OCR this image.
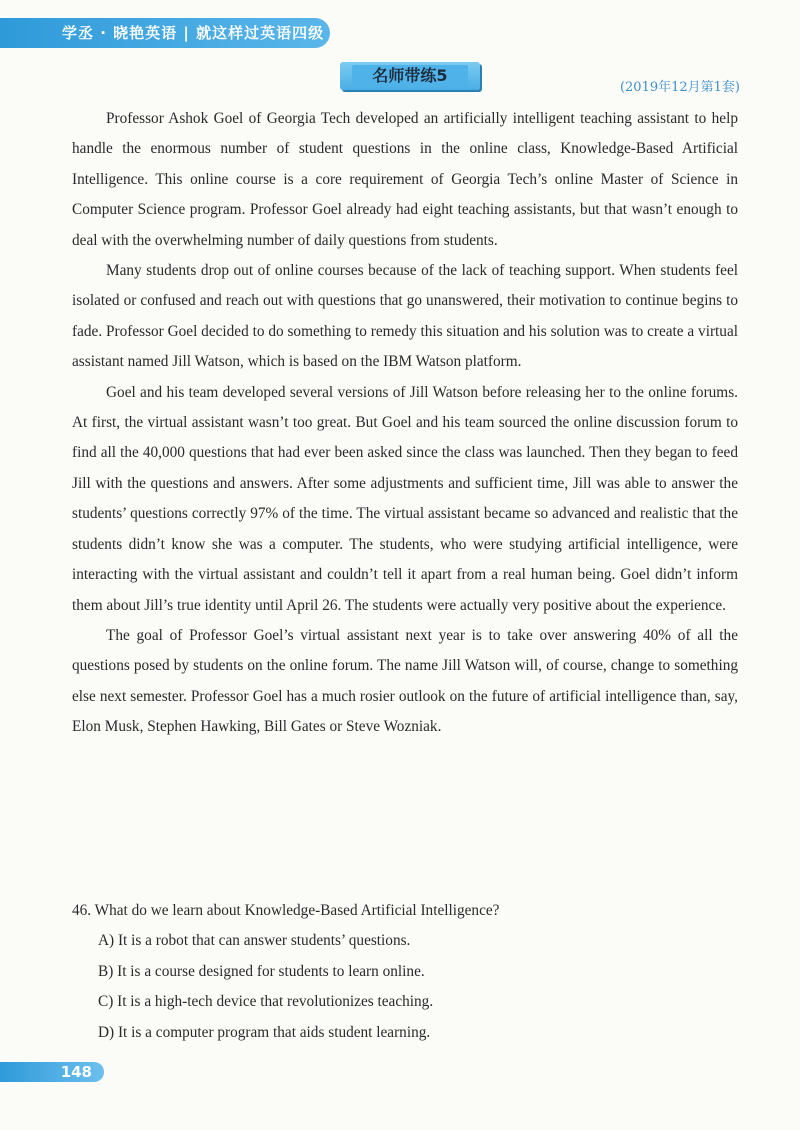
学丞 · 晓艳英语 | 就这样过英语四级
名师带练5
(2019年12月第1套)

Professor Ashok Goel of Georgia Tech developed an artificially intelligent teaching assistant to help handle the enormous number of student questions in the online class, Knowledge-Based Artificial Intelligence. This online course is a core requirement of Georgia Tech’s online Master of Science in Computer Science program. Professor Goel already had eight teaching assistants, but that wasn’t enough to deal with the overwhelming number of daily questions from students.

Many students drop out of online courses because of the lack of teaching support. When students feel isolated or confused and reach out with questions that go unanswered, their motivation to continue begins to fade. Professor Goel decided to do something to remedy this situation and his solution was to create a virtual assistant named Jill Watson, which is based on the IBM Watson platform.

Goel and his team developed several versions of Jill Watson before releasing her to the online forums. At first, the virtual assistant wasn’t too great. But Goel and his team sourced the online discussion forum to find all the 40,000 questions that had ever been asked since the class was launched. Then they began to feed Jill with the questions and answers. After some adjustments and sufficient time, Jill was able to answer the students’ questions correctly 97% of the time. The virtual assistant became so advanced and realistic that the students didn’t know she was a computer. The students, who were studying artificial intelligence, were interacting with the virtual assistant and couldn’t tell it apart from a real human being. Goel didn’t inform them about Jill’s true identity until April 26. The students were actually very positive about the experience.

The goal of Professor Goel’s virtual assistant next year is to take over answering 40% of all the questions posed by students on the online forum. The name Jill Watson will, of course, change to something else next semester. Professor Goel has a much rosier outlook on the future of artificial intelligence than, say, Elon Musk, Stephen Hawking, Bill Gates or Steve Wozniak.

46. What do we learn about Knowledge-Based Artificial Intelligence?
A) It is a robot that can answer students’ questions.
B) It is a course designed for students to learn online.
C) It is a high-tech device that revolutionizes teaching.
D) It is a computer program that aids student learning.
148
